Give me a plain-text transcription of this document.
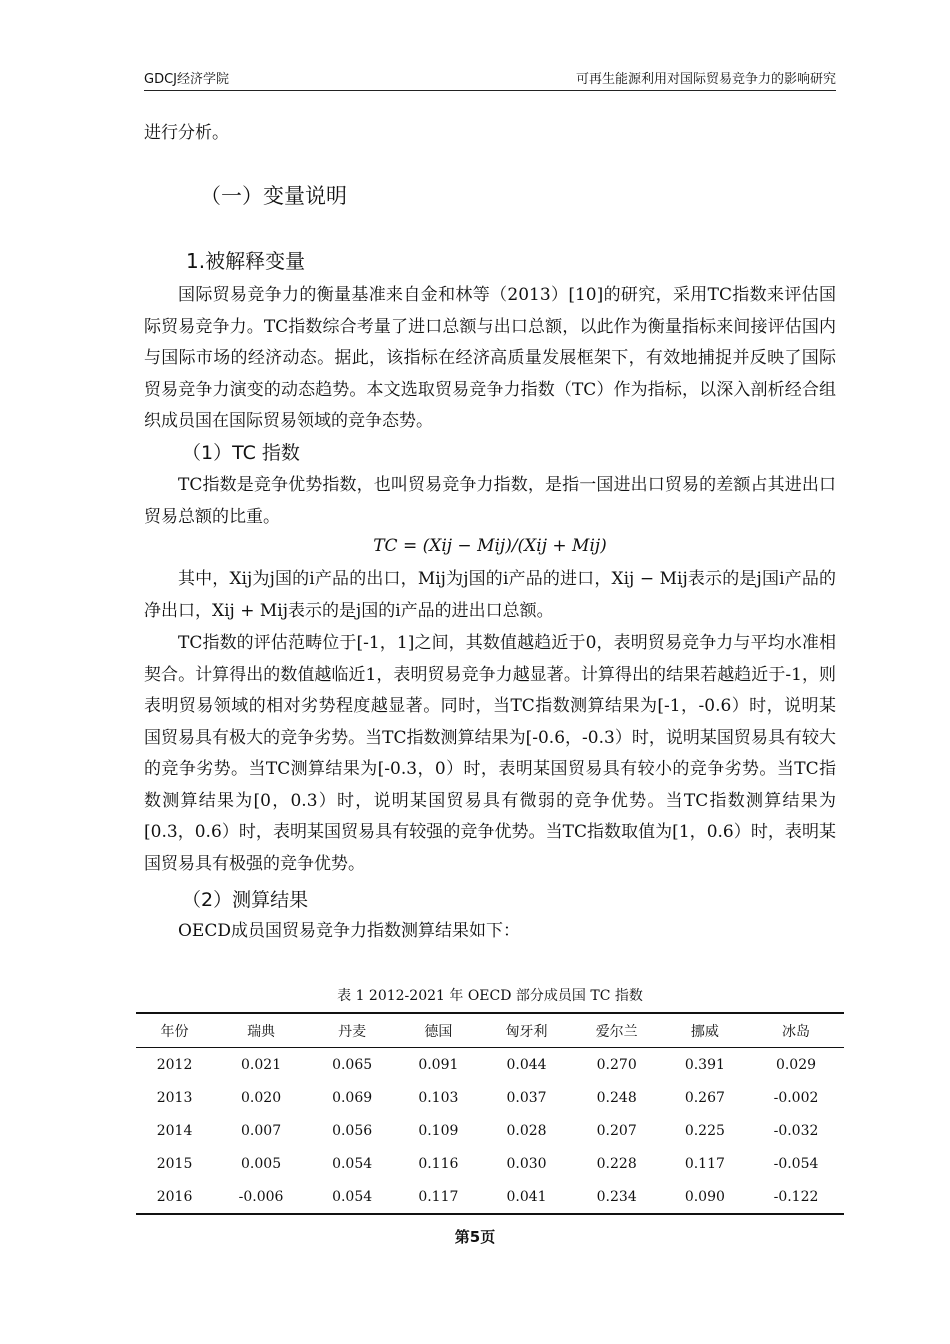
GDCJ经济学院	可再生能源利用对国际贸易竞争力的影响研究

进行分析。

（一）变量说明
1.被解释变量

国际贸易竞争力的衡量基准来自金和林等（2013）[10]的研究，采用TC指数来评估国际贸易竞争力。TC指数综合考量了进口总额与出口总额，以此作为衡量指标来间接评估国内与国际市场的经济动态。据此，该指标在经济高质量发展框架下，有效地捕捉并反映了国际贸易竞争力演变的动态趋势。本文选取贸易竞争力指数（TC）作为指标，以深入剖析经合组织成员国在国际贸易领域的竞争态势。

（1）TC 指数

TC指数是竞争优势指数，也叫贸易竞争力指数，是指一国进出口贸易的差额占其进出口贸易总额的比重。

TC = (Xij − Mij)/(Xij + Mij)

其中，Xij为j国的i产品的出口，Mij为j国的i产品的进口，Xij − Mij表示的是j国i产品的净出口，Xij + Mij表示的是j国的i产品的进出口总额。

TC指数的评估范畴位于[-1，1]之间，其数值越趋近于0，表明贸易竞争力与平均水准相契合。计算得出的数值越临近1，表明贸易竞争力越显著。计算得出的结果若越趋近于-1，则表明贸易领域的相对劣势程度越显著。同时，当TC指数测算结果为[-1，-0.6）时，说明某国贸易具有极大的竞争劣势。当TC指数测算结果为[-0.6，-0.3）时，说明某国贸易具有较大的竞争劣势。当TC测算结果为[-0.3，0）时，表明某国贸易具有较小的竞争劣势。当TC指数测算结果为[0，0.3）时，说明某国贸易具有微弱的竞争优势。当TC指数测算结果为[0.3，0.6）时，表明某国贸易具有较强的竞争优势。当TC指数取值为[1，0.6）时，表明某国贸易具有极强的竞争优势。

（2）测算结果

OECD成员国贸易竞争力指数测算结果如下：

表 1 2012-2021 年 OECD 部分成员国 TC 指数
年份	瑞典	丹麦	德国	匈牙利	爱尔兰	挪威	冰岛
2012	0.021	0.065	0.091	0.044	0.270	0.391	0.029
2013	0.020	0.069	0.103	0.037	0.248	0.267	-0.002
2014	0.007	0.056	0.109	0.028	0.207	0.225	-0.032
2015	0.005	0.054	0.116	0.030	0.228	0.117	-0.054
2016	-0.006	0.054	0.117	0.041	0.234	0.090	-0.122
第5页
